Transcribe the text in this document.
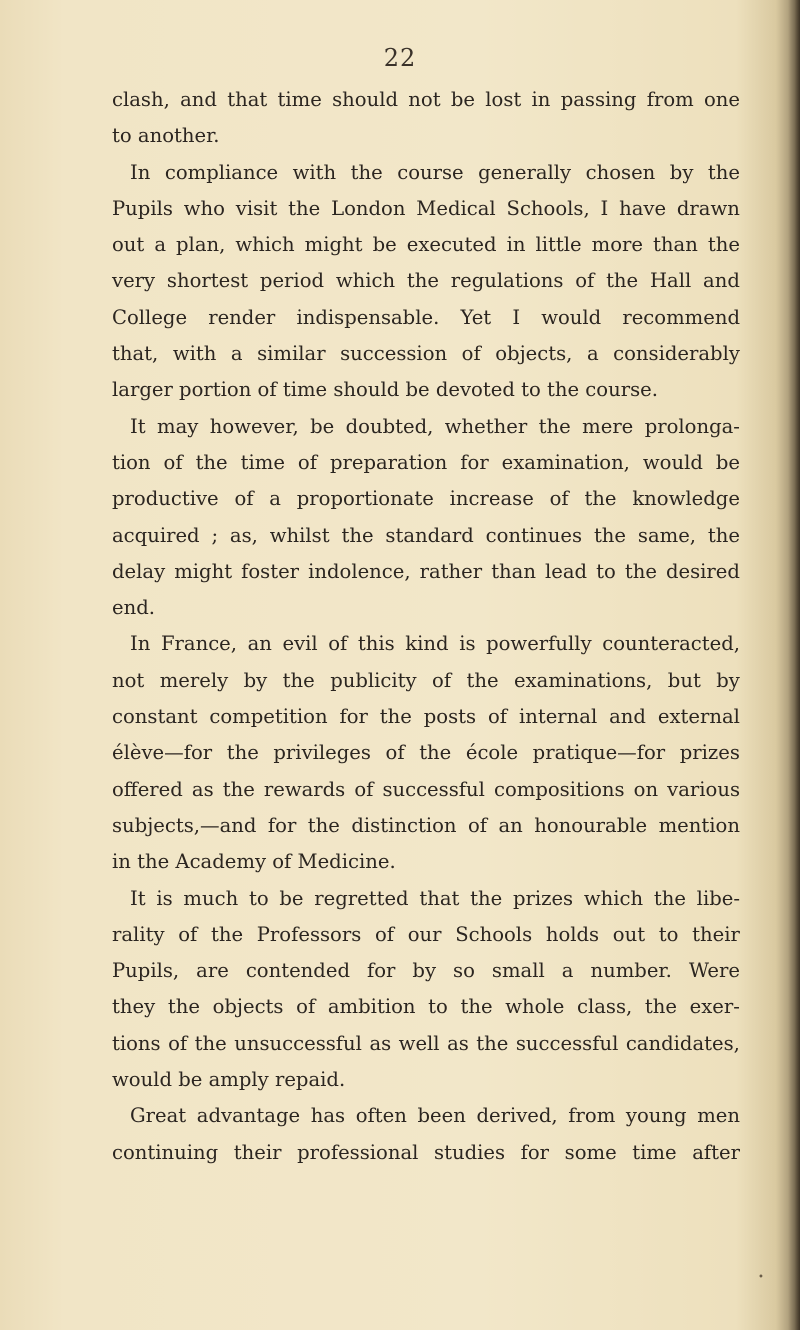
22
clash, and that time should not be lost in passing from one
to another.
In compliance with the course generally chosen by the
Pupils who visit the London Medical Schools, I have drawn
out a plan, which might be executed in little more than the
very shortest period which the regulations of the Hall and
College render indispensable. Yet I would recommend
that, with a similar succession of objects, a considerably
larger portion of time should be devoted to the course.
It may however, be doubted, whether the mere prolonga-
tion of the time of preparation for examination, would be
productive of a proportionate increase of the knowledge
acquired ; as, whilst the standard continues the same, the
delay might foster indolence, rather than lead to the desired
end.
In France, an evil of this kind is powerfully counteracted,
not merely by the publicity of the examinations, but by
constant competition for the posts of internal and external
élève—for the privileges of the école pratique—for prizes
offered as the rewards of successful compositions on various
subjects,—and for the distinction of an honourable mention
in the Academy of Medicine.
It is much to be regretted that the prizes which the libe-
rality of the Professors of our Schools holds out to their
Pupils, are contended for by so small a number. Were
they the objects of ambition to the whole class, the exer-
tions of the unsuccessful as well as the successful candidates,
would be amply repaid.
Great advantage has often been derived, from young men
continuing their professional studies for some time after
•
